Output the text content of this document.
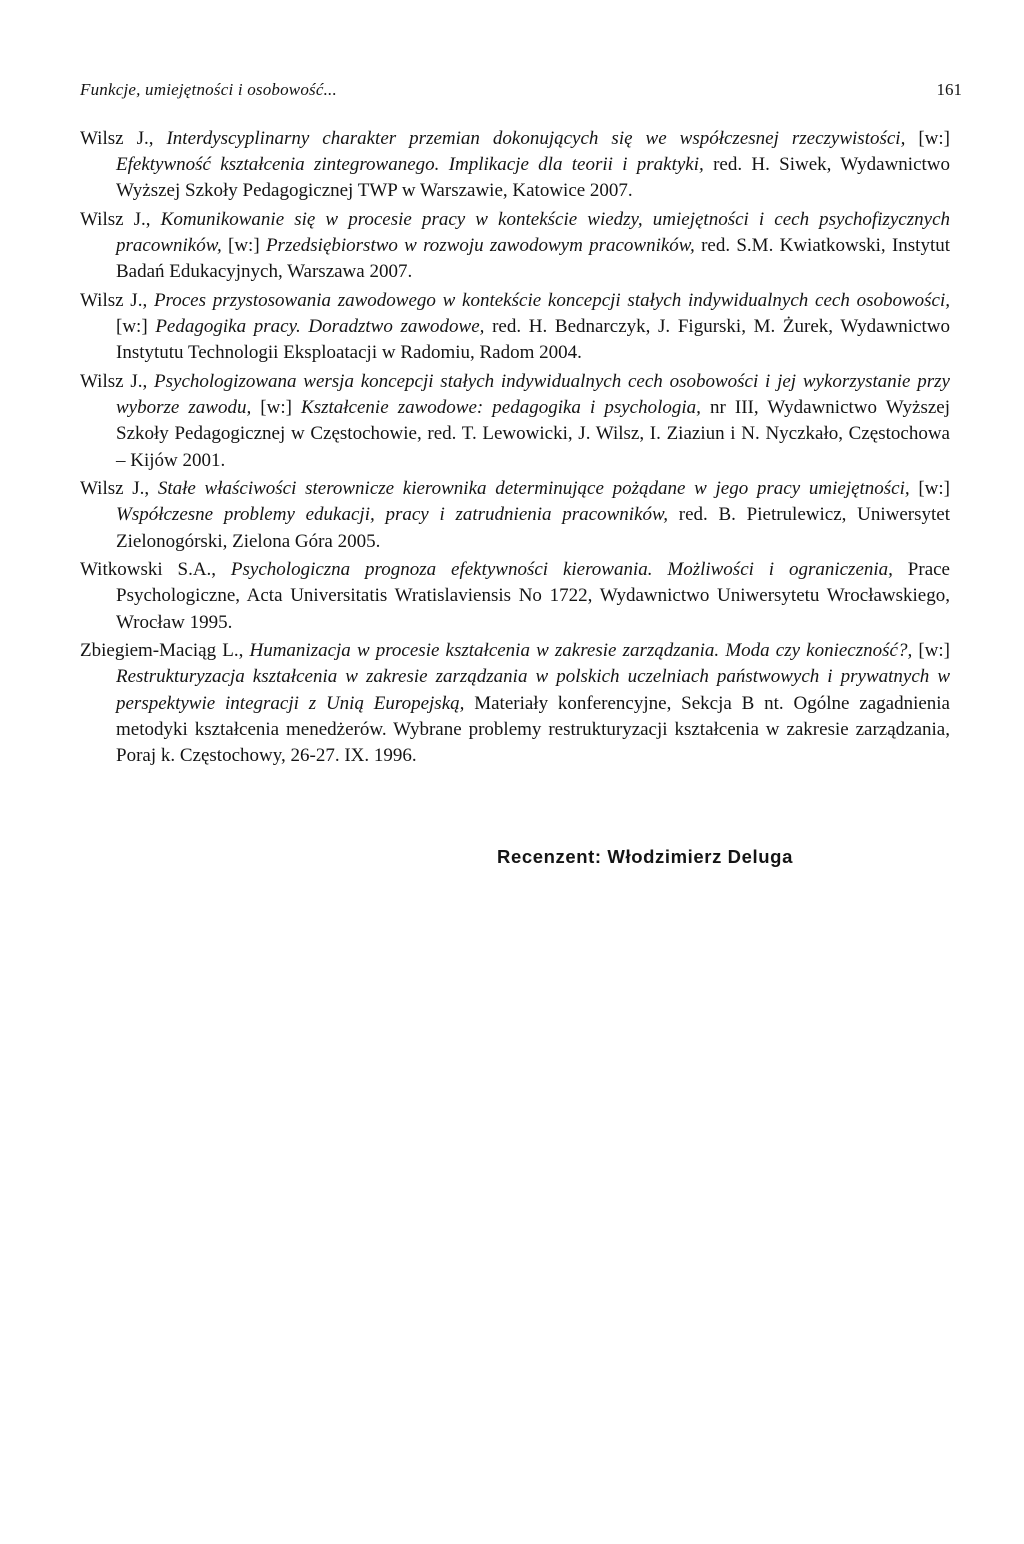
Funkcje, umiejętności i osobowość...	161

Wilsz J., Interdyscyplinarny charakter przemian dokonujących się we współczesnej rzeczywistości, [w:] Efektywność kształcenia zintegrowanego. Implikacje dla teorii i praktyki, red. H. Siwek, Wydawnictwo Wyższej Szkoły Pedagogicznej TWP w Warszawie, Katowice 2007.

Wilsz J., Komunikowanie się w procesie pracy w kontekście wiedzy, umiejętności i cech psychofizycznych pracowników, [w:] Przedsiębiorstwo w rozwoju zawodowym pracowników, red. S.M. Kwiatkowski, Instytut Badań Edukacyjnych, Warszawa 2007.

Wilsz J., Proces przystosowania zawodowego w kontekście koncepcji stałych indywidualnych cech osobowości, [w:] Pedagogika pracy. Doradztwo zawodowe, red. H. Bednarczyk, J. Figurski, M. Żurek, Wydawnictwo Instytutu Technologii Eksploatacji w Radomiu, Radom 2004.

Wilsz J., Psychologizowana wersja koncepcji stałych indywidualnych cech osobowości i jej wykorzystanie przy wyborze zawodu, [w:] Kształcenie zawodowe: pedagogika i psychologia, nr III, Wydawnictwo Wyższej Szkoły Pedagogicznej w Częstochowie, red. T. Lewowicki, J. Wilsz, I. Ziaziun i N. Nyczkało, Częstochowa – Kijów 2001.

Wilsz J., Stałe właściwości sterownicze kierownika determinujące pożądane w jego pracy umiejętności, [w:] Współczesne problemy edukacji, pracy i zatrudnienia pracowników, red. B. Pietrulewicz, Uniwersytet Zielonogórski, Zielona Góra 2005.

Witkowski S.A., Psychologiczna prognoza efektywności kierowania. Możliwości i ograniczenia, Prace Psychologiczne, Acta Universitatis Wratislaviensis No 1722, Wydawnictwo Uniwersytetu Wrocławskiego, Wrocław 1995.

Zbiegiem-Maciąg L., Humanizacja w procesie kształcenia w zakresie zarządzania. Moda czy konieczność?, [w:] Restrukturyzacja kształcenia w zakresie zarządzania w polskich uczelniach państwowych i prywatnych w perspektywie integracji z Unią Europejską, Materiały konferencyjne, Sekcja B nt. Ogólne zagadnienia metodyki kształcenia menedżerów. Wybrane problemy restrukturyzacji kształcenia w zakresie zarządzania, Poraj k. Częstochowy, 26-27. IX. 1996.

Recenzent: Włodzimierz Deluga
